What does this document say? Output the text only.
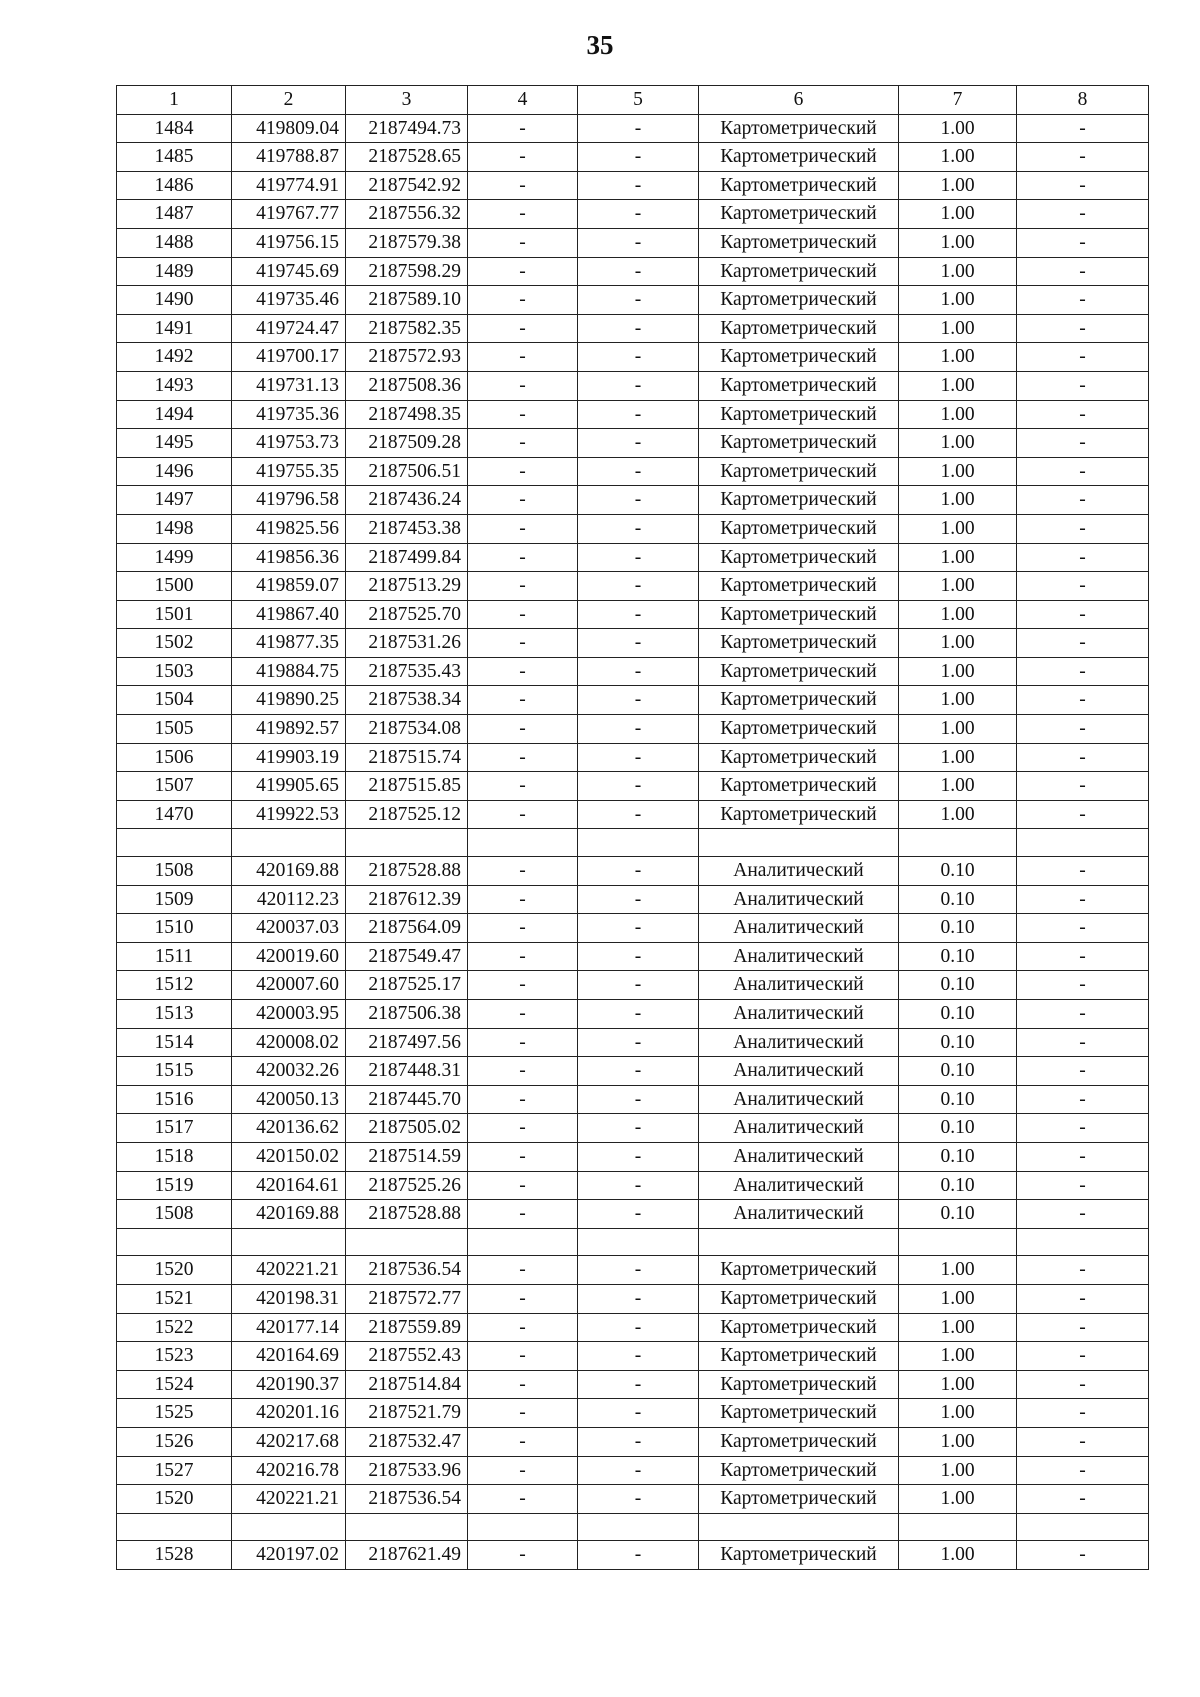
35
1	2	3	4	5	6	7	8
1484	419809.04	2187494.73	-	-	Картометрический	1.00	-
1485	419788.87	2187528.65	-	-	Картометрический	1.00	-
1486	419774.91	2187542.92	-	-	Картометрический	1.00	-
1487	419767.77	2187556.32	-	-	Картометрический	1.00	-
1488	419756.15	2187579.38	-	-	Картометрический	1.00	-
1489	419745.69	2187598.29	-	-	Картометрический	1.00	-
1490	419735.46	2187589.10	-	-	Картометрический	1.00	-
1491	419724.47	2187582.35	-	-	Картометрический	1.00	-
1492	419700.17	2187572.93	-	-	Картометрический	1.00	-
1493	419731.13	2187508.36	-	-	Картометрический	1.00	-
1494	419735.36	2187498.35	-	-	Картометрический	1.00	-
1495	419753.73	2187509.28	-	-	Картометрический	1.00	-
1496	419755.35	2187506.51	-	-	Картометрический	1.00	-
1497	419796.58	2187436.24	-	-	Картометрический	1.00	-
1498	419825.56	2187453.38	-	-	Картометрический	1.00	-
1499	419856.36	2187499.84	-	-	Картометрический	1.00	-
1500	419859.07	2187513.29	-	-	Картометрический	1.00	-
1501	419867.40	2187525.70	-	-	Картометрический	1.00	-
1502	419877.35	2187531.26	-	-	Картометрический	1.00	-
1503	419884.75	2187535.43	-	-	Картометрический	1.00	-
1504	419890.25	2187538.34	-	-	Картометрический	1.00	-
1505	419892.57	2187534.08	-	-	Картометрический	1.00	-
1506	419903.19	2187515.74	-	-	Картометрический	1.00	-
1507	419905.65	2187515.85	-	-	Картометрический	1.00	-
1470	419922.53	2187525.12	-	-	Картометрический	1.00	-

1508	420169.88	2187528.88	-	-	Аналитический	0.10	-
1509	420112.23	2187612.39	-	-	Аналитический	0.10	-
1510	420037.03	2187564.09	-	-	Аналитический	0.10	-
1511	420019.60	2187549.47	-	-	Аналитический	0.10	-
1512	420007.60	2187525.17	-	-	Аналитический	0.10	-
1513	420003.95	2187506.38	-	-	Аналитический	0.10	-
1514	420008.02	2187497.56	-	-	Аналитический	0.10	-
1515	420032.26	2187448.31	-	-	Аналитический	0.10	-
1516	420050.13	2187445.70	-	-	Аналитический	0.10	-
1517	420136.62	2187505.02	-	-	Аналитический	0.10	-
1518	420150.02	2187514.59	-	-	Аналитический	0.10	-
1519	420164.61	2187525.26	-	-	Аналитический	0.10	-
1508	420169.88	2187528.88	-	-	Аналитический	0.10	-

1520	420221.21	2187536.54	-	-	Картометрический	1.00	-
1521	420198.31	2187572.77	-	-	Картометрический	1.00	-
1522	420177.14	2187559.89	-	-	Картометрический	1.00	-
1523	420164.69	2187552.43	-	-	Картометрический	1.00	-
1524	420190.37	2187514.84	-	-	Картометрический	1.00	-
1525	420201.16	2187521.79	-	-	Картометрический	1.00	-
1526	420217.68	2187532.47	-	-	Картометрический	1.00	-
1527	420216.78	2187533.96	-	-	Картометрический	1.00	-
1520	420221.21	2187536.54	-	-	Картометрический	1.00	-

1528	420197.02	2187621.49	-	-	Картометрический	1.00	-
